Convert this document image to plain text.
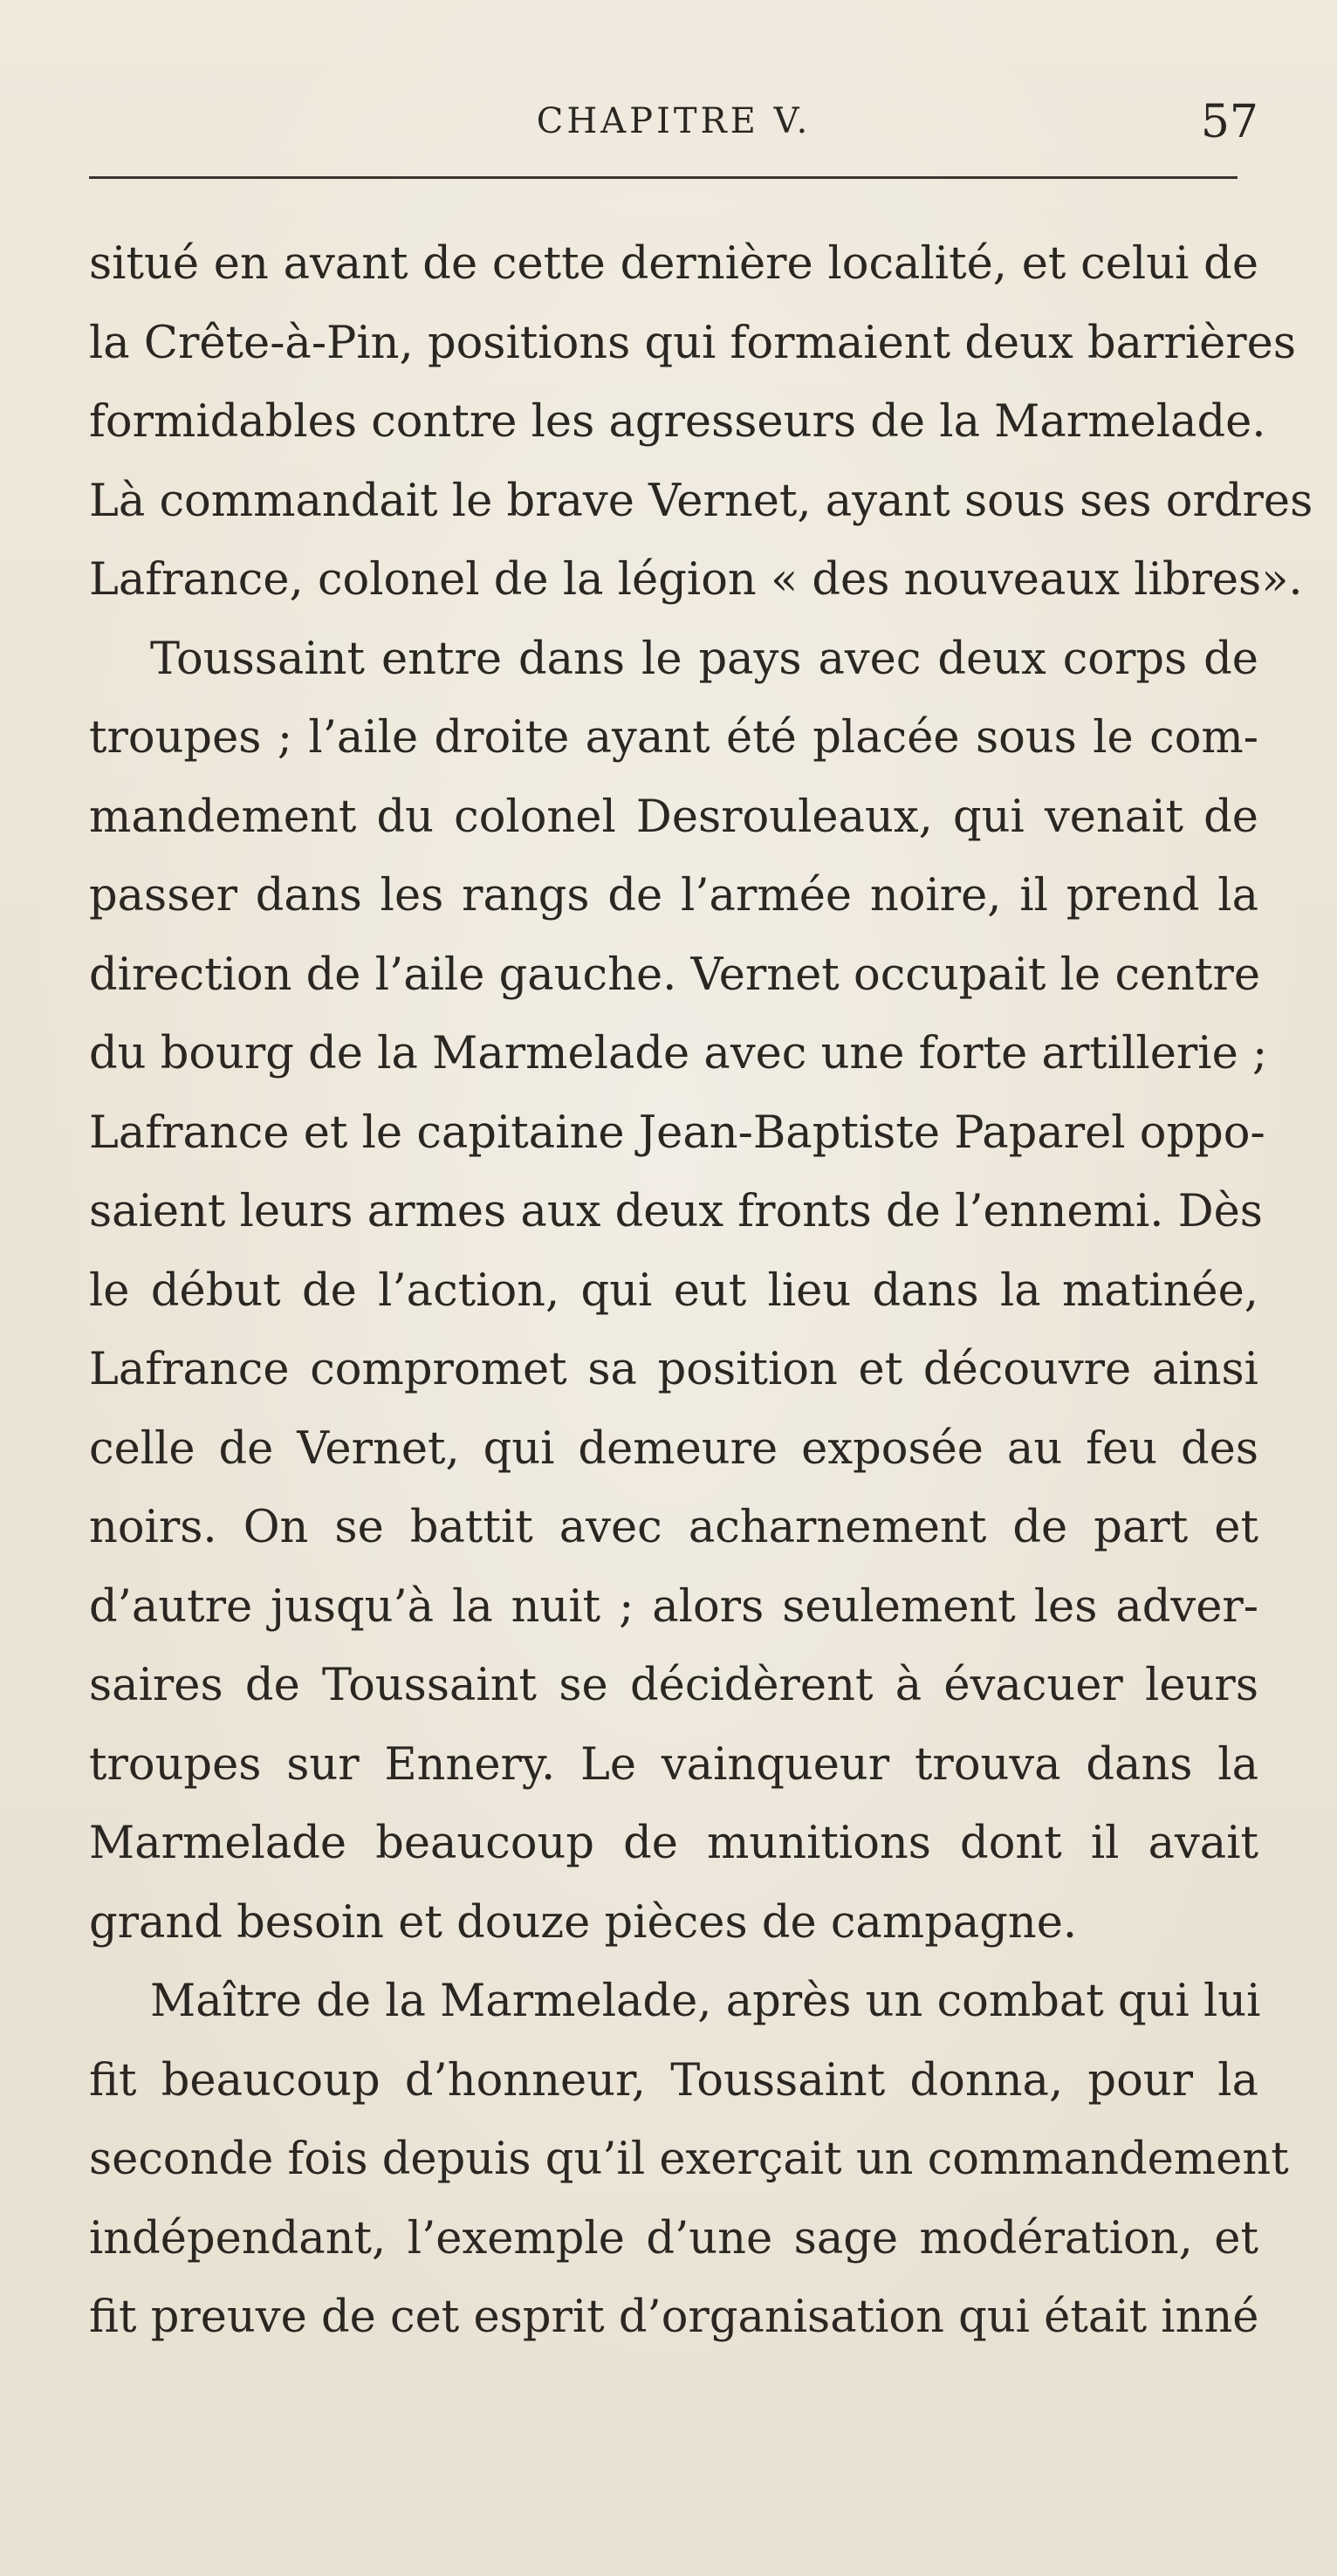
CHAPITRE V.	57
situé en avant de cette dernière localité, et celui de
la Crête-à-Pin, positions qui formaient deux barrières
formidables contre les agresseurs de la Marmelade.
Là commandait le brave Vernet, ayant sous ses ordres
Lafrance, colonel de la légion « des nouveaux libres».
Toussaint entre dans le pays avec deux corps de
troupes ; l’aile droite ayant été placée sous le com-
mandement du colonel Desrouleaux, qui venait de
passer dans les rangs de l’armée noire, il prend la
direction de l’aile gauche. Vernet occupait le centre
du bourg de la Marmelade avec une forte artillerie ;
Lafrance et le capitaine Jean-Baptiste Paparel oppo-
saient leurs armes aux deux fronts de l’ennemi. Dès
le début de l’action, qui eut lieu dans la matinée,
Lafrance compromet sa position et découvre ainsi
celle de Vernet, qui demeure exposée au feu des
noirs. On se battit avec acharnement de part et
d’autre jusqu’à la nuit ; alors seulement les adver-
saires de Toussaint se décidèrent à évacuer leurs
troupes sur Ennery. Le vainqueur trouva dans la
Marmelade beaucoup de munitions dont il avait
grand besoin et douze pièces de campagne.
Maître de la Marmelade, après un combat qui lui
fit beaucoup d’honneur, Toussaint donna, pour la
seconde fois depuis qu’il exerçait un commandement
indépendant, l’exemple d’une sage modération, et
fit preuve de cet esprit d’organisation qui était inné
